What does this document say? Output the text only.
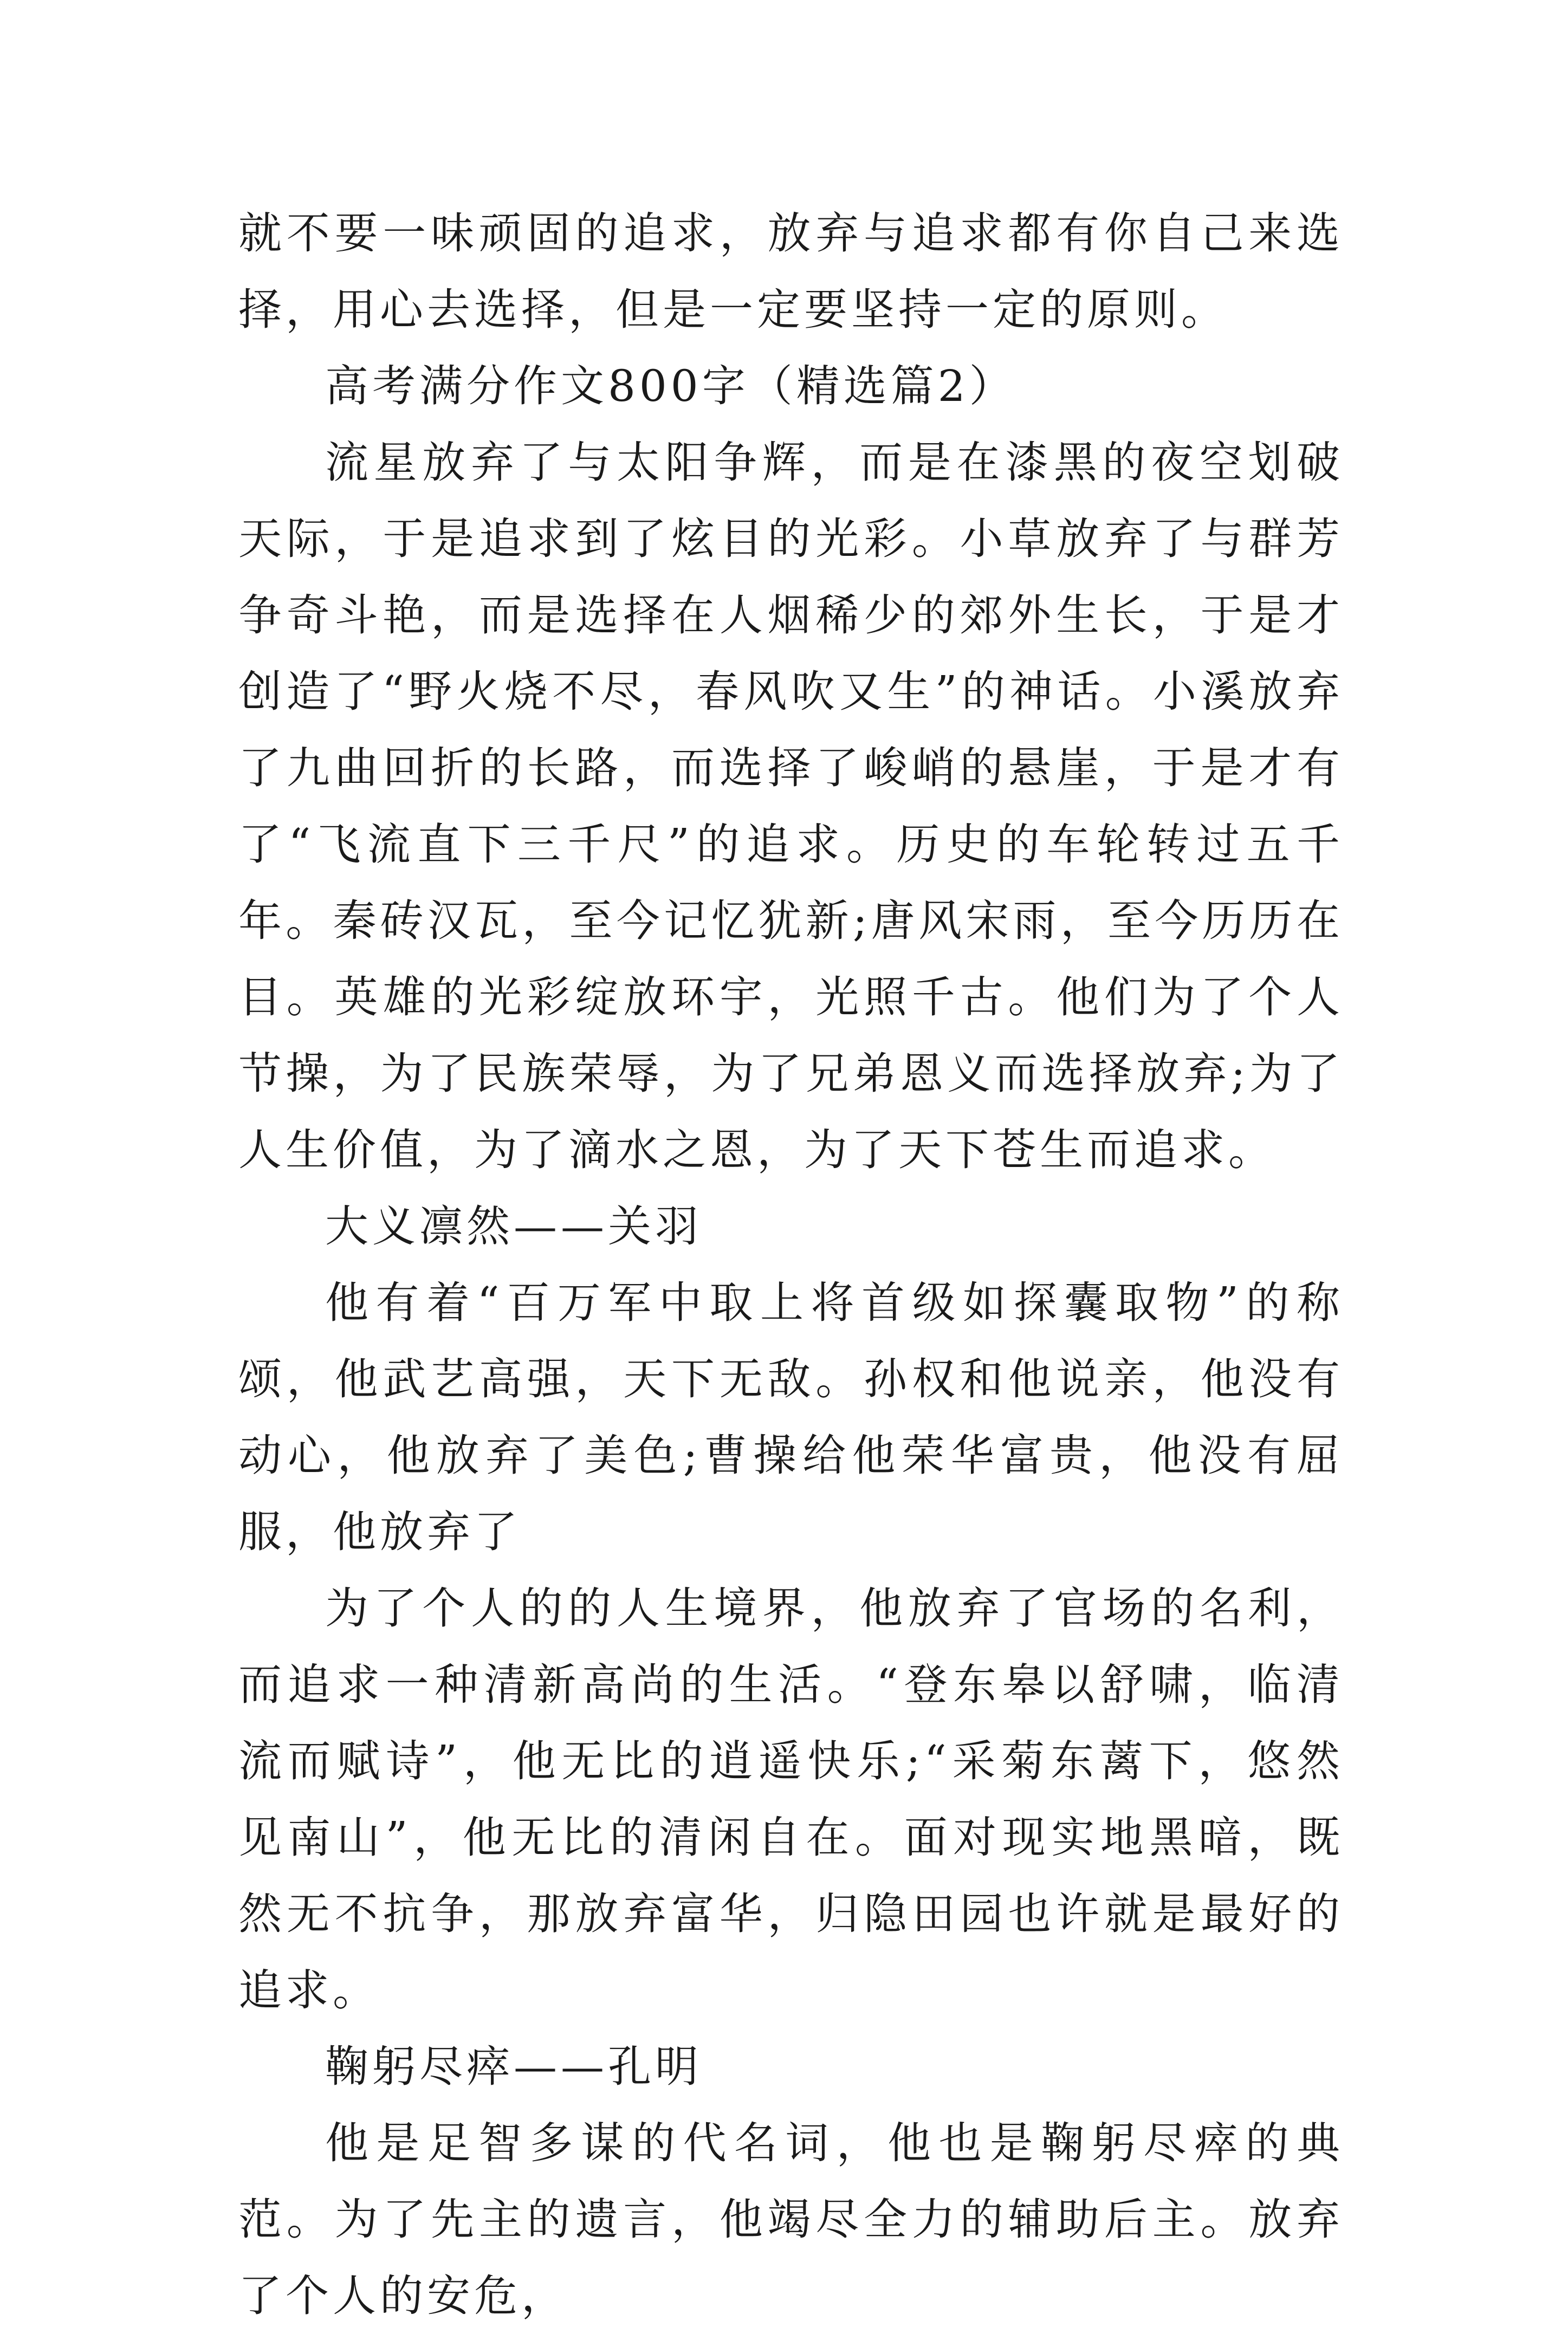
就不要一味顽固的追求，放弃与追求都有你自己来选择，用心去选择，但是一定要坚持一定的原则。

高考满分作文800字（精选篇2）

流星放弃了与太阳争辉，而是在漆黑的夜空划破天际，于是追求到了炫目的光彩。小草放弃了与群芳争奇斗艳，而是选择在人烟稀少的郊外生长，于是才创造了“野火烧不尽，春风吹又生”的神话。小溪放弃了九曲回折的长路，而选择了峻峭的悬崖，于是才有了“飞流直下三千尺”的追求。历史的车轮转过五千年。秦砖汉瓦，至今记忆犹新;唐风宋雨，至今历历在目。英雄的光彩绽放环宇，光照千古。他们为了个人节操，为了民族荣辱，为了兄弟恩义而选择放弃;为了人生价值，为了滴水之恩，为了天下苍生而追求。

大义凛然——关羽

他有着“百万军中取上将首级如探囊取物”的称颂，他武艺高强，天下无敌。孙权和他说亲，他没有动心，他放弃了美色;曹操给他荣华富贵，他没有屈服，他放弃了

为了个人的的人生境界，他放弃了官场的名利，而追求一种清新高尚的生活。“登东皋以舒啸，临清流而赋诗”，他无比的逍遥快乐;“采菊东蓠下，悠然见南山”，他无比的清闲自在。面对现实地黑暗，既然无不抗争，那放弃富华，归隐田园也许就是最好的追求。

鞠躬尽瘁——孔明

他是足智多谋的代名词，他也是鞠躬尽瘁的典范。为了先主的遗言，他竭尽全力的辅助后主。放弃了个人的安危，
